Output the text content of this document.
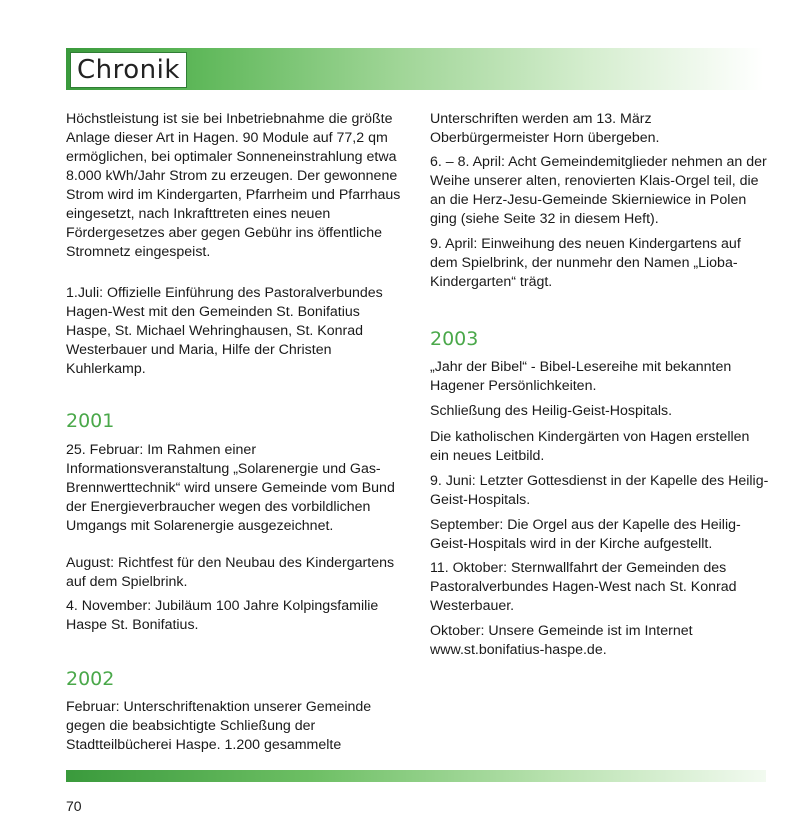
Chronik

Höchstleistung ist sie bei Inbetriebnahme die größte Anlage dieser Art in Hagen. 90 Module auf 77,2 qm ermöglichen, bei optimaler Sonneneinstrahlung etwa 8.000 kWh/Jahr Strom zu erzeugen. Der gewonnene Strom wird im Kindergarten, Pfarrheim und Pfarrhaus eingesetzt, nach Inkrafttreten eines neuen Fördergesetzes aber gegen Gebühr ins öffentliche Stromnetz eingespeist.

1.Juli: Offizielle Einführung des Pastoralverbundes Hagen-West mit den Gemeinden St. Bonifatius Haspe, St. Michael Wehringhausen, St. Konrad Westerbauer und Maria, Hilfe der Christen Kuhlerkamp.

2001

25. Februar: Im Rahmen einer Informationsveranstaltung „Solarenergie und Gas-Brennwerttechnik“ wird unsere Gemeinde vom Bund der Energieverbraucher wegen des vorbildlichen Umgangs mit Solarenergie ausgezeichnet.

August: Richtfest für den Neubau des Kindergartens auf dem Spielbrink.

4. November: Jubiläum 100 Jahre Kolpingsfamilie Haspe St. Bonifatius.

2002

Februar: Unterschriftenaktion unserer Gemeinde gegen die beabsichtigte Schließung der Stadtteilbücherei Haspe. 1.200 gesammelte

Unterschriften werden am 13. März Oberbürgermeister Horn übergeben.

6. – 8. April: Acht Gemeindemitglieder nehmen an der Weihe unserer alten, renovierten Klais-Orgel teil, die an die Herz-Jesu-Gemeinde Skierniewice in Polen ging (siehe Seite 32 in diesem Heft).

9. April: Einweihung des neuen Kindergartens auf dem Spielbrink, der nunmehr den Namen „Lioba-Kindergarten“ trägt.

2003

„Jahr der Bibel“ - Bibel-Lesereihe mit bekannten Hagener Persönlichkeiten.

Schließung des Heilig-Geist-Hospitals.

Die katholischen Kindergärten von Hagen erstellen ein neues Leitbild.

9. Juni: Letzter Gottesdienst in der Kapelle des Heilig-Geist-Hospitals.

September: Die Orgel aus der Kapelle des Heilig-Geist-Hospitals wird in der Kirche aufgestellt.

11. Oktober: Sternwallfahrt der Gemeinden des Pastoralverbundes Hagen-West nach St. Konrad Westerbauer.

Oktober: Unsere Gemeinde ist im Internet www.st.bonifatius-haspe.de.

70
